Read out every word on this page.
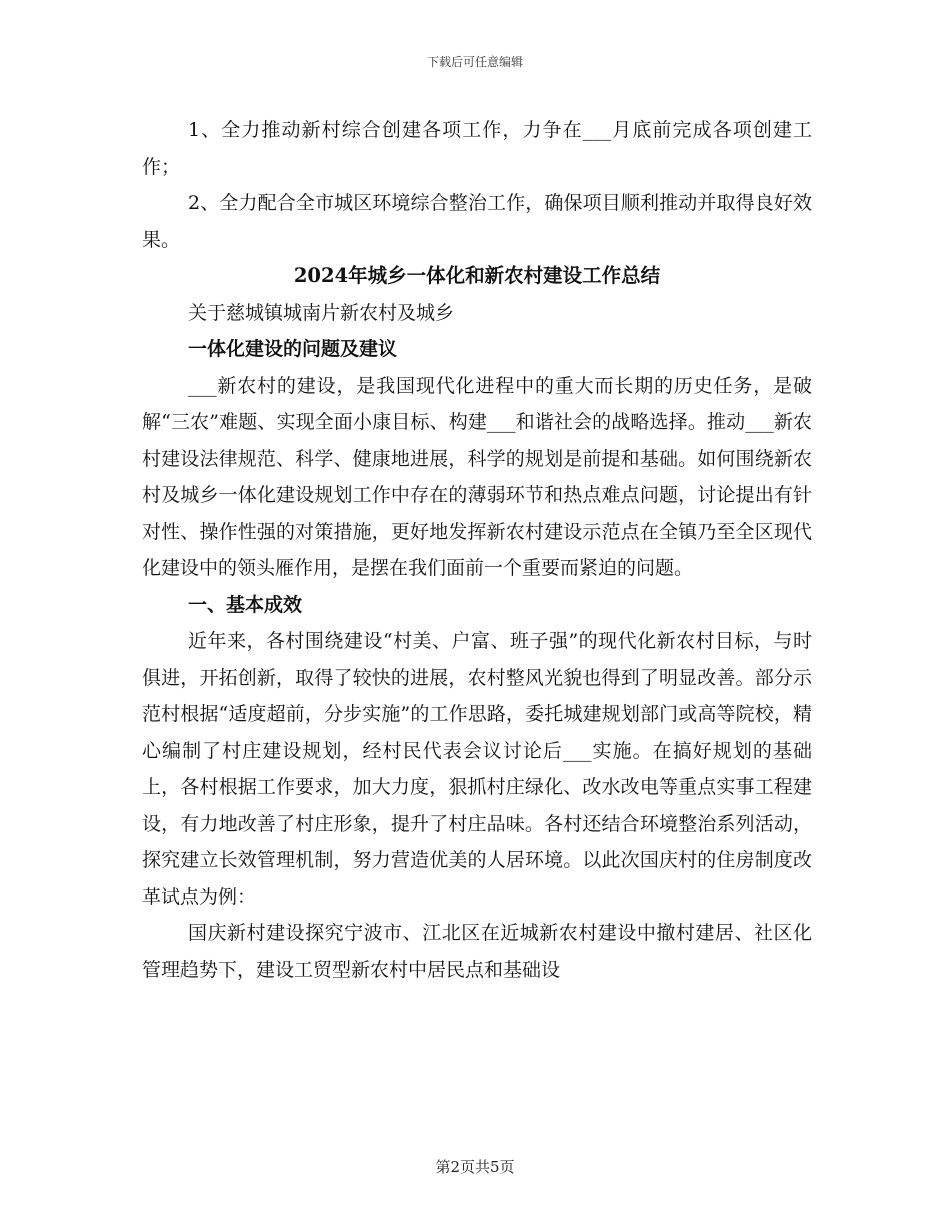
下载后可任意编辑

1、全力推动新村综合创建各项工作，力争在___月底前完成各项创建工作；

2、全力配合全市城区环境综合整治工作，确保项目顺利推动并取得良好效果。

2024年城乡一体化和新农村建设工作总结

关于慈城镇城南片新农村及城乡

一体化建设的问题及建议

___新农村的建设，是我国现代化进程中的重大而长期的历史任务，是破解“三农”难题、实现全面小康目标、构建___和谐社会的战略选择。推动___新农村建设法律规范、科学、健康地进展，科学的规划是前提和基础。如何围绕新农村及城乡一体化建设规划工作中存在的薄弱环节和热点难点问题，讨论提出有针对性、操作性强的对策措施，更好地发挥新农村建设示范点在全镇乃至全区现代化建设中的领头雁作用，是摆在我们面前一个重要而紧迫的问题。

一、基本成效

近年来，各村围绕建设“村美、户富、班子强”的现代化新农村目标，与时俱进，开拓创新，取得了较快的进展，农村整风光貌也得到了明显改善。部分示范村根据“适度超前，分步实施”的工作思路，委托城建规划部门或高等院校，精心编制了村庄建设规划，经村民代表会议讨论后___实施。在搞好规划的基础上，各村根据工作要求，加大力度，狠抓村庄绿化、改水改电等重点实事工程建设，有力地改善了村庄形象，提升了村庄品味。各村还结合环境整治系列活动，探究建立长效管理机制，努力营造优美的人居环境。以此次国庆村的住房制度改革试点为例：

国庆新村建设探究宁波市、江北区在近城新农村建设中撤村建居、社区化管理趋势下，建设工贸型新农村中居民点和基础设

第2页共5页
